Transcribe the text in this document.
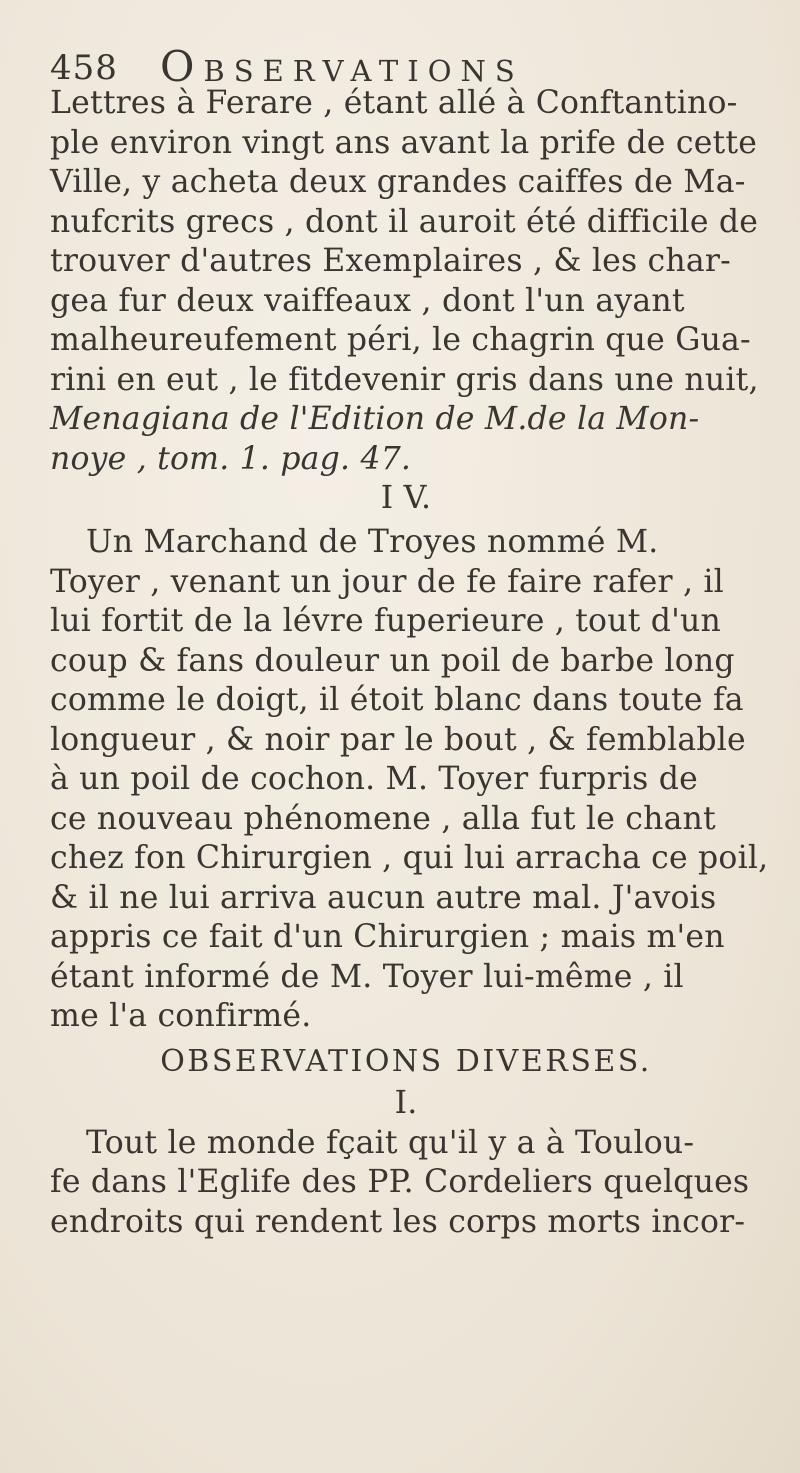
458 Observations
Lettres à Ferare , étant allé à Conftantino-
ple environ vingt ans avant la prife de cette
Ville, y acheta deux grandes caiffes de Ma-
nufcrits grecs , dont il auroit été difficile de
trouver d'autres Exemplaires , & les char-
gea fur deux vaiffeaux , dont l'un ayant
malheureufement péri, le chagrin que Gua-
rini en eut , le fitdevenir gris dans une nuit,
Menagiana de l'Edition de M.de la Mon-
noye , tom. 1. pag. 47.
I V.
Un Marchand de Troyes nommé M.
Toyer , venant un jour de fe faire rafer , il
lui fortit de la lévre fuperieure , tout d'un
coup & fans douleur un poil de barbe long
comme le doigt, il étoit blanc dans toute fa
longueur , & noir par le bout , & femblable
à un poil de cochon. M. Toyer furpris de
ce nouveau phénomene , alla fut le chant
chez fon Chirurgien , qui lui arracha ce poil,
& il ne lui arriva aucun autre mal. J'avois
appris ce fait d'un Chirurgien ; mais m'en
étant informé de M. Toyer lui-même , il
me l'a confirmé.
OBSERVATIONS DIVERSES.
I.
Tout le monde fçait qu'il y a à Toulou-
fe dans l'Eglife des PP. Cordeliers quelques
endroits qui rendent les corps morts incor-
